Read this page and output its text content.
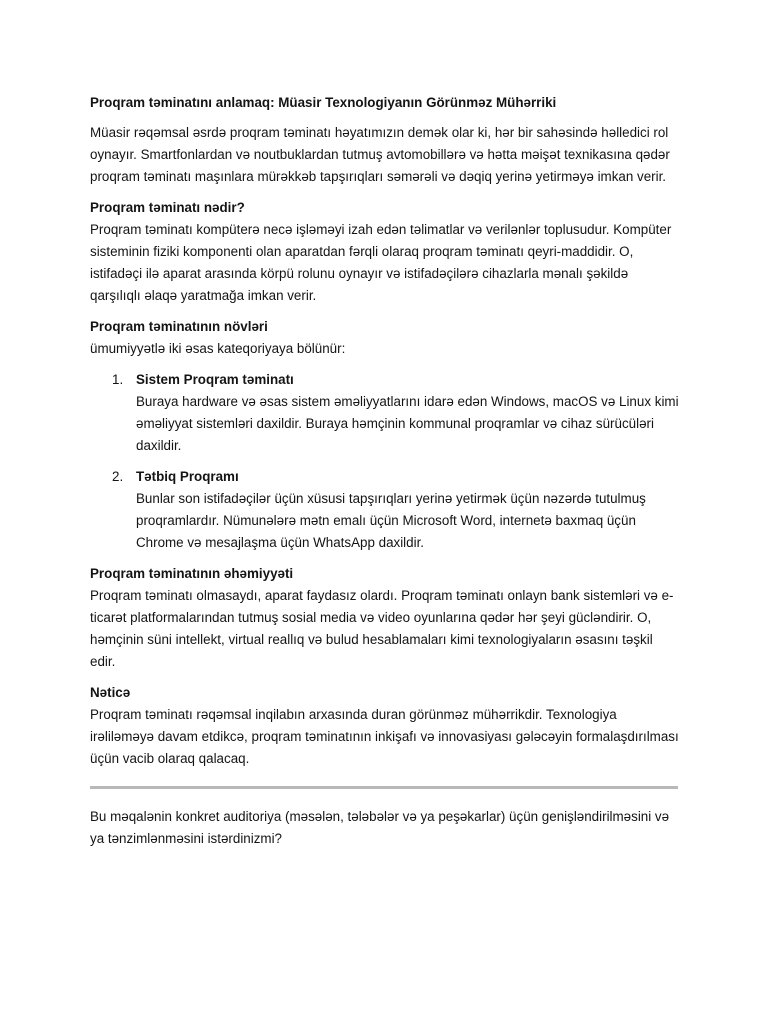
Proqram təminatını anlamaq: Müasir Texnologiyanın Görünməz Mühərriki
Müasir rəqəmsal əsrdə proqram təminatı həyatımızın demək olar ki, hər bir sahəsində həlledici rol oynayır. Smartfonlardan və noutbuklardan tutmuş avtomobillərə və hətta məişət texnikasına qədər proqram təminatı maşınlara mürəkkəb tapşırıqları səmərəli və dəqiq yerinə yetirməyə imkan verir.
Proqram təminatı nədir?
Proqram təminatı kompüterə necə işləməyi izah edən təlimatlar və verilənlər toplusudur. Kompüter sisteminin fiziki komponenti olan aparatdan fərqli olaraq proqram təminatı qeyri-maddidir. O, istifadəçi ilə aparat arasında körpü rolunu oynayır və istifadəçilərə cihazlarla mənalı şəkildə qarşılıqlı əlaqə yaratmağa imkan verir.
Proqram təminatının növləri
ümumiyyətlə iki əsas kateqoriyaya bölünür:
1. Sistem Proqram təminatı
Buraya hardware və əsas sistem əməliyyatlarını idarə edən Windows, macOS və Linux kimi əməliyyat sistemləri daxildir. Buraya həmçinin kommunal proqramlar və cihaz sürücüləri daxildir.
2. Tətbiq Proqramı
Bunlar son istifadəçilər üçün xüsusi tapşırıqları yerinə yetirmək üçün nəzərdə tutulmuş proqramlardır. Nümunələrə mətn emalı üçün Microsoft Word, internetə baxmaq üçün Chrome və mesajlaşma üçün WhatsApp daxildir.
Proqram təminatının əhəmiyyəti
Proqram təminatı olmasaydı, aparat faydasız olardı. Proqram təminatı onlayn bank sistemləri və e-ticarət platformalarından tutmuş sosial media və video oyunlarına qədər hər şeyi gücləndirir. O, həmçinin süni intellekt, virtual reallıq və bulud hesablamaları kimi texnologiyaların əsasını təşkil edir.
Nəticə
Proqram təminatı rəqəmsal inqilabın arxasında duran görünməz mühərrikdir. Texnologiya irəliləməyə davam etdikcə, proqram təminatının inkişafı və innovasiyası gələcəyin formalaşdırılması üçün vacib olaraq qalacaq.
Bu məqalənin konkret auditoriya (məsələn, tələbələr və ya peşəkarlar) üçün genişləndirilməsini və ya tənzimlənməsini istərdinizmi?
